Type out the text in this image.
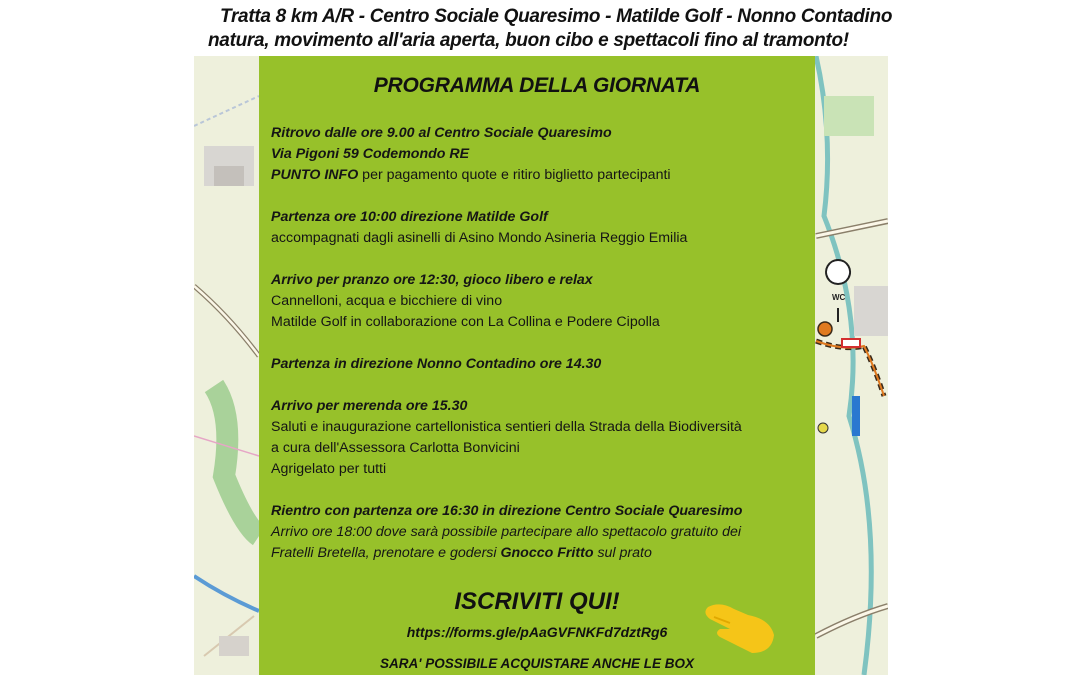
Tratta 8 km A/R - Centro Sociale Quaresimo - Matilde Golf - Nonno Contadino
natura, movimento all'aria aperta, buon cibo e spettacoli fino al tramonto!
WC
PROGRAMMA DELLA GIORNATA
Ritrovo dalle ore 9.00 al Centro Sociale Quaresimo
Via Pigoni 59 Codemondo RE
PUNTO INFO per pagamento quote e ritiro biglietto partecipanti
Partenza ore 10:00 direzione Matilde Golf
accompagnati dagli asinelli di Asino Mondo Asineria Reggio Emilia
Arrivo per pranzo ore 12:30, gioco libero e relax
Cannelloni, acqua e bicchiere di vino
Matilde Golf in collaborazione con La Collina e Podere Cipolla
Partenza in direzione Nonno Contadino ore 14.30
Arrivo per merenda ore 15.30
Saluti e inaugurazione cartellonistica sentieri della Strada della Biodiversità
a cura dell'Assessora Carlotta Bonvicini
Agrigelato per tutti
Rientro con partenza ore 16:30 in direzione Centro Sociale Quaresimo
Arrivo ore 18:00 dove sarà possibile partecipare allo spettacolo gratuito dei
Fratelli Bretella, prenotare e godersi Gnocco Fritto sul prato
ISCRIVITI QUI!
https://forms.gle/pAaGVFNKFd7dztRg6
SARA' POSSIBILE ACQUISTARE ANCHE LE BOX
